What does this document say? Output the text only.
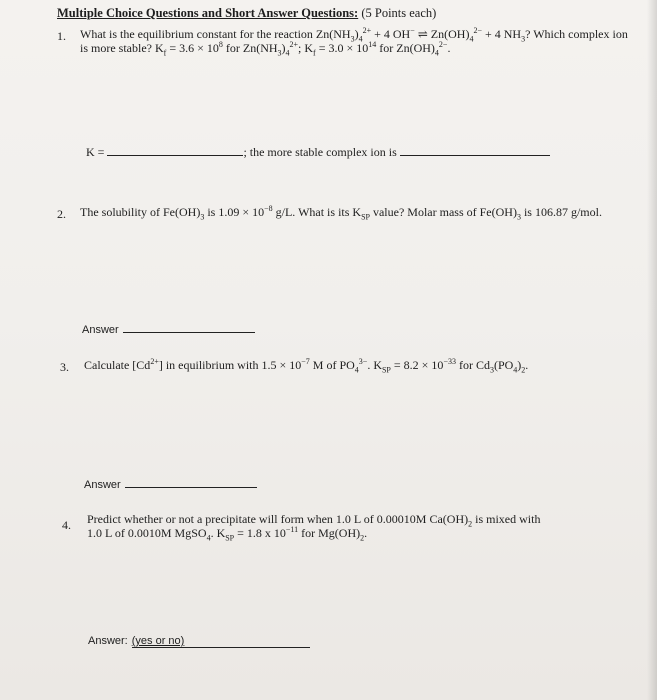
Multiple Choice Questions and Short Answer Questions: (5 Points each)
1. What is the equilibrium constant for the reaction $Zn(NH_3)_4^{2+} + 4$ OH− ⇌ $Zn(OH)_4^{2-} + 4$ $NH_3$? Which complex ion
is more stable? $K_f = 3.6 \times 10^8$ for $Zn(NH_3)_4^{2+}$; $K_f = 3.0 \times 10^{14}$ for $Zn(OH)_4^{2-}$.
K =	; the more stable complex ion is
2. The solubility of $Fe(OH)_3$ is $1.09 \times 10^{-8}$ g/L. What is its $K_{SP}$ value? Molar mass of $Fe(OH)_3$ is 106.87 g/mol.
Answer
3. Calculate $[Cd^{2+}]$ in equilibrium with $1.5 \times 10^{-7}$ M of $PO_4^{3-}$. $K_{SP} = 8.2 \times 10^{-33}$ for $Cd_3(PO_4)_2$.
Answer
4. Predict whether or not a precipitate will form when 1.0 L of 0.00010M $Ca(OH)_2$ is mixed with
1.0 L of 0.0010M MgSO$_4$. $K_{SP} = 1.8$ x $10^{-11}$ for $Mg(OH)_2$.
Answer: (yes or no)
